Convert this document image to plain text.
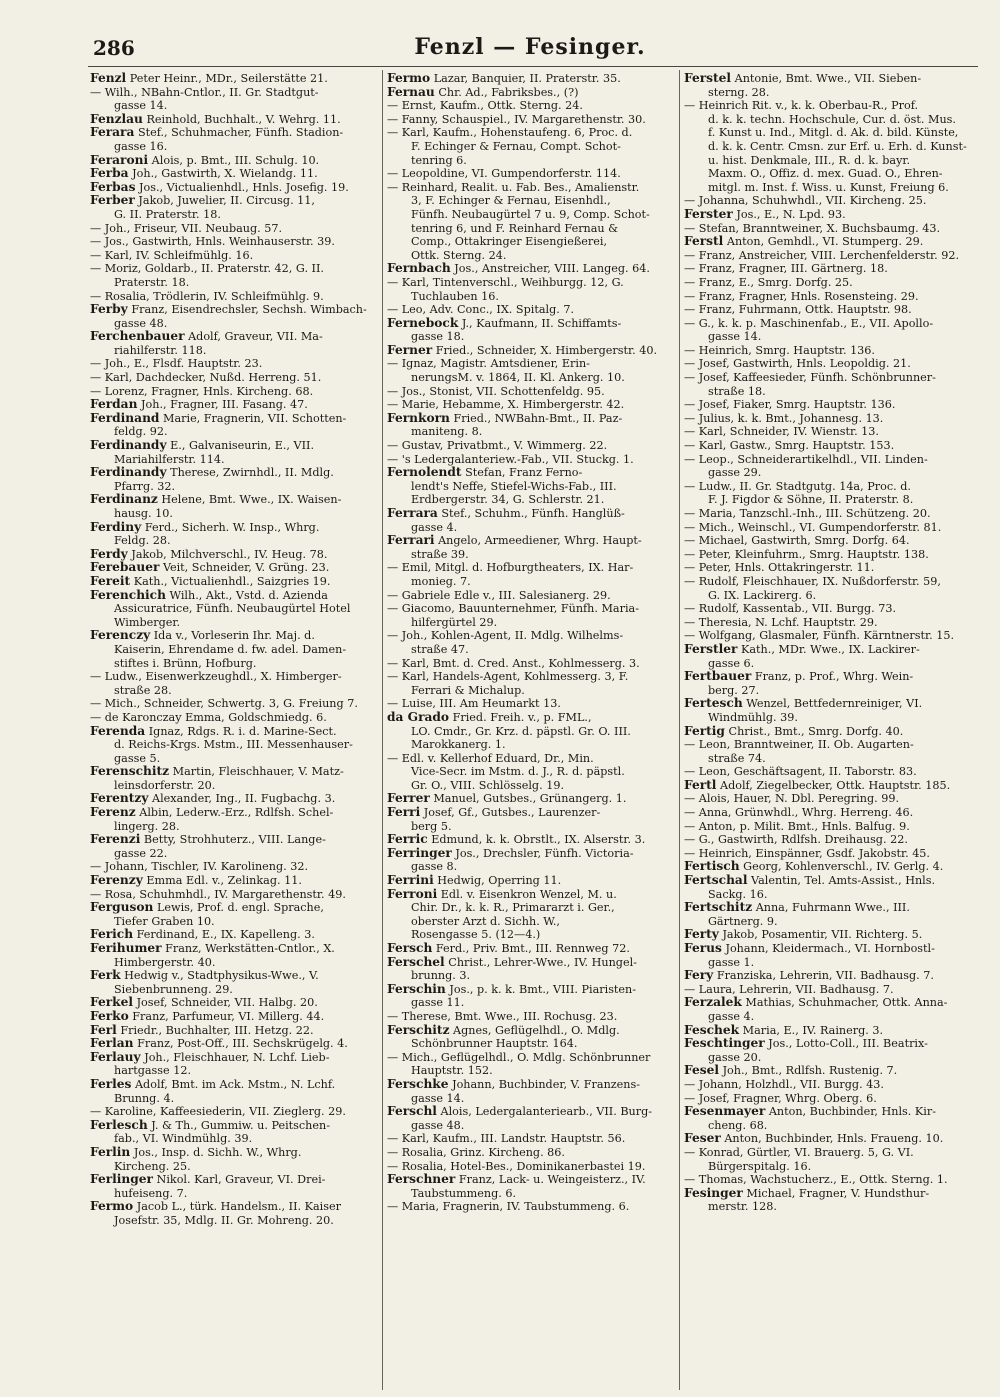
286	Fenzl — Fesinger.
Fenzl Peter Heinr., MDr., Seilerstätte 21.
— Wilh., NBahn-Cntlor., II. Gr. Stadtgut-
gasse 14.
Fenzlau Reinhold, Buchhalt., V. Wehrg. 11.
Ferara Stef., Schuhmacher, Fünfh. Stadion-
gasse 16.
Feraroni Alois, p. Bmt., III. Schulg. 10.
Ferba Joh., Gastwirth, X. Wielandg. 11.
Ferbas Jos., Victualienhdl., Hnls. Josefig. 19.
Ferber Jakob, Juwelier, II. Circusg. 11,
G. II. Praterstr. 18.
— Joh., Friseur, VII. Neubaug. 57.
— Jos., Gastwirth, Hnls. Weinhauserstr. 39.
— Karl, IV. Schleifmühlg. 16.
— Moriz, Goldarb., II. Praterstr. 42, G. II.
Praterstr. 18.
— Rosalia, Trödlerin, IV. Schleifmühlg. 9.
Ferby Franz, Eisendrechsler, Sechsh. Wimbach-
gasse 48.
Ferchenbauer Adolf, Graveur, VII. Ma-
riahilferstr. 118.
— Joh., E., Flsdf. Hauptstr. 23.
— Karl, Dachdecker, Nußd. Herreng. 51.
— Lorenz, Fragner, Hnls. Kircheng. 68.
Ferdan Joh., Fragner, III. Fasang. 47.
Ferdinand Marie, Fragnerin, VII. Schotten-
feldg. 92.
Ferdinandy E., Galvaniseurin, E., VII.
Mariahilferstr. 114.
Ferdinandy Therese, Zwirnhdl., II. Mdlg.
Pfarrg. 32.
Ferdinanz Helene, Bmt. Wwe., IX. Waisen-
hausg. 10.
Ferdiny Ferd., Sicherh. W. Insp., Whrg.
Feldg. 28.
Ferdy Jakob, Milchverschl., IV. Heug. 78.
Ferebauer Veit, Schneider, V. Grüng. 23.
Fereit Kath., Victualienhdl., Saizgries 19.
Ferenchich Wilh., Akt., Vstd. d. Azienda
Assicuratrice, Fünfh. Neubaugürtel Hotel
Wimberger.
Ferenczy Ida v., Vorleserin Ihr. Maj. d.
Kaiserin, Ehrendame d. fw. adel. Damen-
stiftes i. Brünn, Hofburg.
— Ludw., Eisenwerkzeughdl., X. Himberger-
straße 28.
— Mich., Schneider, Schwertg. 3, G. Freiung 7.
— de Karonczay Emma, Goldschmiedg. 6.
Ferenda Ignaz, Rdgs. R. i. d. Marine-Sect.
d. Reichs-Krgs. Mstm., III. Messenhauser-
gasse 5.
Ferenschitz Martin, Fleischhauer, V. Matz-
leinsdorferstr. 20.
Ferentzy Alexander, Ing., II. Fugbachg. 3.
Ferenz Albin, Lederw.-Erz., Rdlfsh. Schel-
lingerg. 28.
Ferenzi Betty, Strohhuterz., VIII. Lange-
gasse 22.
— Johann, Tischler, IV. Karolineng. 32.
Ferenzy Emma Edl. v., Zelinkag. 11.
— Rosa, Schuhmhdl., IV. Margarethenstr. 49.
Ferguson Lewis, Prof. d. engl. Sprache,
Tiefer Graben 10.
Ferich Ferdinand, E., IX. Kapelleng. 3.
Ferihumer Franz, Werkstätten-Cntlor., X.
Himbergerstr. 40.
Ferk Hedwig v., Stadtphysikus-Wwe., V.
Siebenbrunneng. 29.
Ferkel Josef, Schneider, VII. Halbg. 20.
Ferko Franz, Parfumeur, VI. Millerg. 44.
Ferl Friedr., Buchhalter, III. Hetzg. 22.
Ferlan Franz, Post-Off., III. Sechskrügelg. 4.
Ferlauy Joh., Fleischhauer, N. Lchf. Lieb-
hartgasse 12.
Ferles Adolf, Bmt. im Ack. Mstm., N. Lchf.
Brunng. 4.
— Karoline, Kaffeesiederin, VII. Zieglerg. 29.
Ferlesch J. & Th., Gummiw. u. Peitschen-
fab., VI. Windmühlg. 39.
Ferlin Jos., Insp. d. Sichh. W., Whrg.
Kircheng. 25.
Ferlinger Nikol. Karl, Graveur, VI. Drei-
hufeiseng. 7.
Fermo Jacob L., türk. Handelsm., II. Kaiser
Josefstr. 35, Mdlg. II. Gr. Mohreng. 20.
Fermo Lazar, Banquier, II. Praterstr. 35.
Fernau Chr. Ad., Fabriksbes., (?)
— Ernst, Kaufm., Ottk. Sterng. 24.
— Fanny, Schauspiel., IV. Margarethenstr. 30.
— Karl, Kaufm., Hohenstaufeng. 6, Proc. d.
F. Echinger & Fernau, Compt. Schot-
tenring 6.
— Leopoldine, VI. Gumpendorferstr. 114.
— Reinhard, Realit. u. Fab. Bes., Amalienstr.
3, F. Echinger & Fernau, Eisenhdl.,
Fünfh. Neubaugürtel 7 u. 9, Comp. Schot-
tenring 6, und F. Reinhard Fernau &
Comp., Ottakringer Eisengießerei,
Ottk. Sterng. 24.
Fernbach Jos., Anstreicher, VIII. Langeg. 64.
— Karl, Tintenverschl., Weihburgg. 12, G.
Tuchlauben 16.
— Leo, Adv. Conc., IX. Spitalg. 7.
Fernebock J., Kaufmann, II. Schiffamts-
gasse 18.
Ferner Fried., Schneider, X. Himbergerstr. 40.
— Ignaz, Magistr. Amtsdiener, Erin-
nerungsM. v. 1864, II. Kl. Ankerg. 10.
— Jos., Stonist, VII. Schottenfeldg. 95.
— Marie, Hebamme, X. Himbergerstr. 42.
Fernkorn Fried., NWBahn-Bmt., II. Paz-
maniteng. 8.
— Gustav, Privatbmt., V. Wimmerg. 22.
— 's Ledergalanteriew.-Fab., VII. Stuckg. 1.
Fernolendt Stefan, Franz Ferno-
lendt's Neffe, Stiefel-Wichs-Fab., III.
Erdbergerstr. 34, G. Schlerstr. 21.
Ferrara Stef., Schuhm., Fünfh. Hanglüß-
gasse 4.
Ferrari Angelo, Armeediener, Whrg. Haupt-
straße 39.
— Emil, Mitgl. d. Hofburgtheaters, IX. Har-
monieg. 7.
— Gabriele Edle v., III. Salesianerg. 29.
— Giacomo, Bauunternehmer, Fünfh. Maria-
hilfergürtel 29.
— Joh., Kohlen-Agent, II. Mdlg. Wilhelms-
straße 47.
— Karl, Bmt. d. Cred. Anst., Kohlmesserg. 3.
— Karl, Handels-Agent, Kohlmesserg. 3, F.
Ferrari & Michalup.
— Luise, III. Am Heumarkt 13.
da Grado Fried. Freih. v., p. FML.,
LO. Cmdr., Gr. Krz. d. päpstl. Gr. O. III.
Marokkanerg. 1.
— Edl. v. Kellerhof Eduard, Dr., Min.
Vice-Secr. im Mstm. d. J., R. d. päpstl.
Gr. O., VIII. Schlösselg. 19.
Ferrer Manuel, Gutsbes., Grünangerg. 1.
Ferri Josef, Gf., Gutsbes., Laurenzer-
berg 5.
Ferric Edmund, k. k. Obrstlt., IX. Alserstr. 3.
Ferringer Jos., Drechsler, Fünfh. Victoria-
gasse 8.
Ferrini Hedwig, Operring 11.
Ferroni Edl. v. Eisenkron Wenzel, M. u.
Chir. Dr., k. k. R., Primararzt i. Ger.,
oberster Arzt d. Sichh. W.,
Rosengasse 5. (12—4.)
Fersch Ferd., Priv. Bmt., III. Rennweg 72.
Ferschel Christ., Lehrer-Wwe., IV. Hungel-
brunng. 3.
Ferschin Jos., p. k. k. Bmt., VIII. Piaristen-
gasse 11.
— Therese, Bmt. Wwe., III. Rochusg. 23.
Ferschitz Agnes, Geflügelhdl., O. Mdlg.
Schönbrunner Hauptstr. 164.
— Mich., Geflügelhdl., O. Mdlg. Schönbrunner
Hauptstr. 152.
Ferschke Johann, Buchbinder, V. Franzens-
gasse 14.
Ferschl Alois, Ledergalanteriearb., VII. Burg-
gasse 48.
— Karl, Kaufm., III. Landstr. Hauptstr. 56.
— Rosalia, Grinz. Kircheng. 86.
— Rosalia, Hotel-Bes., Dominikanerbastei 19.
Ferschner Franz, Lack- u. Weingeisterz., IV.
Taubstummeng. 6.
— Maria, Fragnerin, IV. Taubstummeng. 6.
Ferstel Antonie, Bmt. Wwe., VII. Sieben-
sterng. 28.
— Heinrich Rit. v., k. k. Oberbau-R., Prof.
d. k. k. techn. Hochschule, Cur. d. öst. Mus.
f. Kunst u. Ind., Mitgl. d. Ak. d. bild. Künste,
d. k. k. Centr. Cmsn. zur Erf. u. Erh. d. Kunst-
u. hist. Denkmale, III., R. d. k. bayr.
Maxm. O., Offiz. d. mex. Guad. O., Ehren-
mitgl. m. Inst. f. Wiss. u. Kunst, Freiung 6.
— Johanna, Schuhwhdl., VII. Kircheng. 25.
Ferster Jos., E., N. Lpd. 93.
— Stefan, Branntweiner, X. Buchsbaumg. 43.
Ferstl Anton, Gemhdl., VI. Stumperg. 29.
— Franz, Anstreicher, VIII. Lerchenfelderstr. 92.
— Franz, Fragner, III. Gärtnerg. 18.
— Franz, E., Smrg. Dorfg. 25.
— Franz, Fragner, Hnls. Rosensteing. 29.
— Franz, Fuhrmann, Ottk. Hauptstr. 98.
— G., k. k. p. Maschinenfab., E., VII. Apollo-
gasse 14.
— Heinrich, Smrg. Hauptstr. 136.
— Josef, Gastwirth, Hnls. Leopoldig. 21.
— Josef, Kaffeesieder, Fünfh. Schönbrunner-
straße 18.
— Josef, Fiaker, Smrg. Hauptstr. 136.
— Julius, k. k. Bmt., Johannesg. 13.
— Karl, Schneider, IV. Wienstr. 13.
— Karl, Gastw., Smrg. Hauptstr. 153.
— Leop., Schneiderartikelhdl., VII. Linden-
gasse 29.
— Ludw., II. Gr. Stadtgutg. 14a, Proc. d.
F. J. Figdor & Söhne, II. Praterstr. 8.
— Maria, Tanzschl.-Inh., III. Schützeng. 20.
— Mich., Weinschl., VI. Gumpendorferstr. 81.
— Michael, Gastwirth, Smrg. Dorfg. 64.
— Peter, Kleinfuhrm., Smrg. Hauptstr. 138.
— Peter, Hnls. Ottakringerstr. 11.
— Rudolf, Fleischhauer, IX. Nußdorferstr. 59,
G. IX. Lackirerg. 6.
— Rudolf, Kassentab., VII. Burgg. 73.
— Theresia, N. Lchf. Hauptstr. 29.
— Wolfgang, Glasmaler, Fünfh. Kärntnerstr. 15.
Ferstler Kath., MDr. Wwe., IX. Lackirer-
gasse 6.
Fertbauer Franz, p. Prof., Whrg. Wein-
berg. 27.
Fertesch Wenzel, Bettfedernreiniger, VI.
Windmühlg. 39.
Fertig Christ., Bmt., Smrg. Dorfg. 40.
— Leon, Branntweiner, II. Ob. Augarten-
straße 74.
— Leon, Geschäftsagent, II. Taborstr. 83.
Fertl Adolf, Ziegelbecker, Ottk. Hauptstr. 185.
— Alois, Hauer, N. Dbl. Peregring. 99.
— Anna, Grünwhdl., Whrg. Herreng. 46.
— Anton, p. Milit. Bmt., Hnls. Balfug. 9.
— G., Gastwirth, Rdlfsh. Dreihausg. 22.
— Heinrich, Einspänner, Gsdf. Jakobstr. 45.
Fertisch Georg, Kohlenverschl., IV. Gerlg. 4.
Fertschal Valentin, Tel. Amts-Assist., Hnls.
Sackg. 16.
Fertschitz Anna, Fuhrmann Wwe., III.
Gärtnerg. 9.
Ferty Jakob, Posamentir, VII. Richterg. 5.
Ferus Johann, Kleidermach., VI. Hornbostl-
gasse 1.
Fery Franziska, Lehrerin, VII. Badhausg. 7.
— Laura, Lehrerin, VII. Badhausg. 7.
Ferzalek Mathias, Schuhmacher, Ottk. Anna-
gasse 4.
Feschek Maria, E., IV. Rainerg. 3.
Feschtinger Jos., Lotto-Coll., III. Beatrix-
gasse 20.
Fesel Joh., Bmt., Rdlfsh. Rustenig. 7.
— Johann, Holzhdl., VII. Burgg. 43.
— Josef, Fragner, Whrg. Oberg. 6.
Fesenmayer Anton, Buchbinder, Hnls. Kir-
cheng. 68.
Feser Anton, Buchbinder, Hnls. Fraueng. 10.
— Konrad, Gürtler, VI. Brauerg. 5, G. VI.
Bürgerspitalg. 16.
— Thomas, Wachstucherz., E., Ottk. Sterng. 1.
Fesinger Michael, Fragner, V. Hundsthur-
merstr. 128.
